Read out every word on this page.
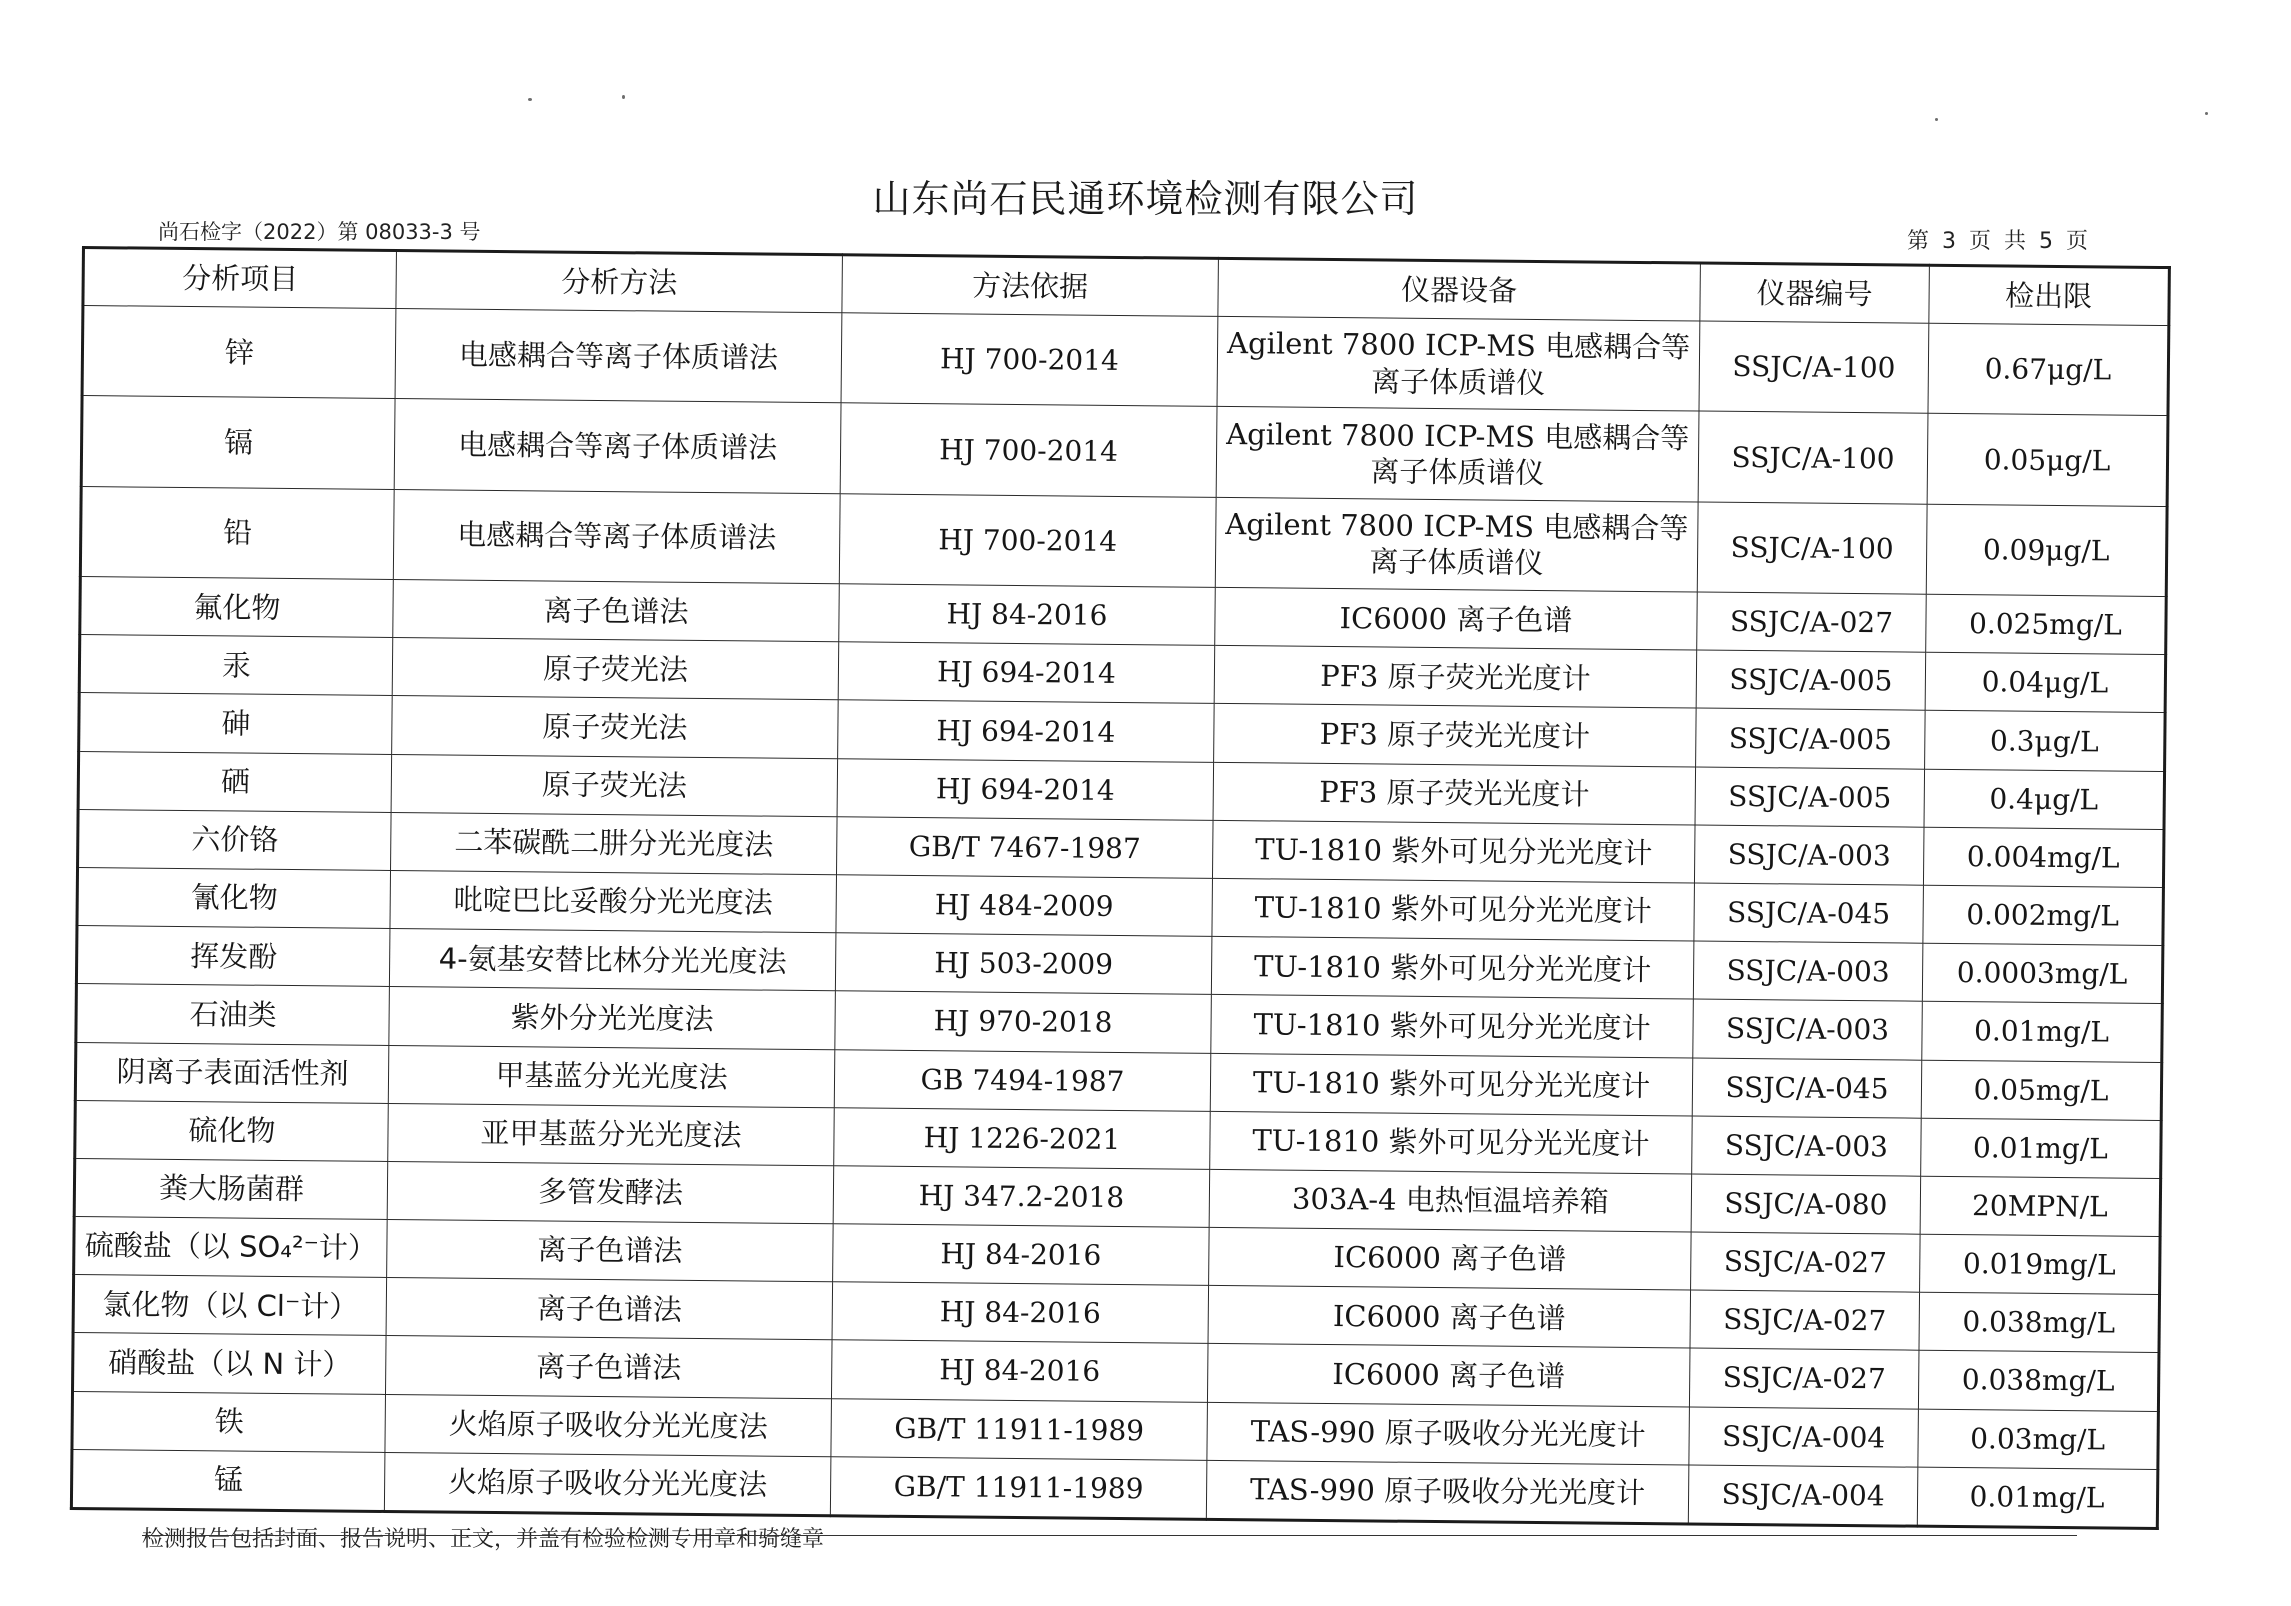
山东尚石民通环境检测有限公司
尚石检字（2022）第 08033-3 号	第 3 页 共 5 页
分析项目	分析方法	方法依据	仪器设备	仪器编号	检出限
锌	电感耦合等离子体质谱法	HJ 700-2014	Agilent 7800 ICP-MS 电感耦合等离子体质谱仪	SSJC/A-100	0.67μg/L
镉	电感耦合等离子体质谱法	HJ 700-2014	Agilent 7800 ICP-MS 电感耦合等离子体质谱仪	SSJC/A-100	0.05μg/L
铅	电感耦合等离子体质谱法	HJ 700-2014	Agilent 7800 ICP-MS 电感耦合等离子体质谱仪	SSJC/A-100	0.09μg/L
氟化物	离子色谱法	HJ 84-2016	IC6000 离子色谱	SSJC/A-027	0.025mg/L
汞	原子荧光法	HJ 694-2014	PF3 原子荧光光度计	SSJC/A-005	0.04μg/L
砷	原子荧光法	HJ 694-2014	PF3 原子荧光光度计	SSJC/A-005	0.3μg/L
硒	原子荧光法	HJ 694-2014	PF3 原子荧光光度计	SSJC/A-005	0.4μg/L
六价铬	二苯碳酰二肼分光光度法	GB/T 7467-1987	TU-1810 紫外可见分光光度计	SSJC/A-003	0.004mg/L
氰化物	吡啶巴比妥酸分光光度法	HJ 484-2009	TU-1810 紫外可见分光光度计	SSJC/A-045	0.002mg/L
挥发酚	4-氨基安替比林分光光度法	HJ 503-2009	TU-1810 紫外可见分光光度计	SSJC/A-003	0.0003mg/L
石油类	紫外分光光度法	HJ 970-2018	TU-1810 紫外可见分光光度计	SSJC/A-003	0.01mg/L
阴离子表面活性剂	甲基蓝分光光度法	GB 7494-1987	TU-1810 紫外可见分光光度计	SSJC/A-045	0.05mg/L
硫化物	亚甲基蓝分光光度法	HJ 1226-2021	TU-1810 紫外可见分光光度计	SSJC/A-003	0.01mg/L
粪大肠菌群	多管发酵法	HJ 347.2-2018	303A-4 电热恒温培养箱	SSJC/A-080	20MPN/L
硫酸盐（以 SO₄²⁻计）	离子色谱法	HJ 84-2016	IC6000 离子色谱	SSJC/A-027	0.019mg/L
氯化物（以 Cl⁻计）	离子色谱法	HJ 84-2016	IC6000 离子色谱	SSJC/A-027	0.038mg/L
硝酸盐（以 N 计）	离子色谱法	HJ 84-2016	IC6000 离子色谱	SSJC/A-027	0.038mg/L
铁	火焰原子吸收分光光度法	GB/T 11911-1989	TAS-990 原子吸收分光光度计	SSJC/A-004	0.03mg/L
锰	火焰原子吸收分光光度法	GB/T 11911-1989	TAS-990 原子吸收分光光度计	SSJC/A-004	0.01mg/L
检测报告包括封面、报告说明、正文，并盖有检验检测专用章和骑缝章
